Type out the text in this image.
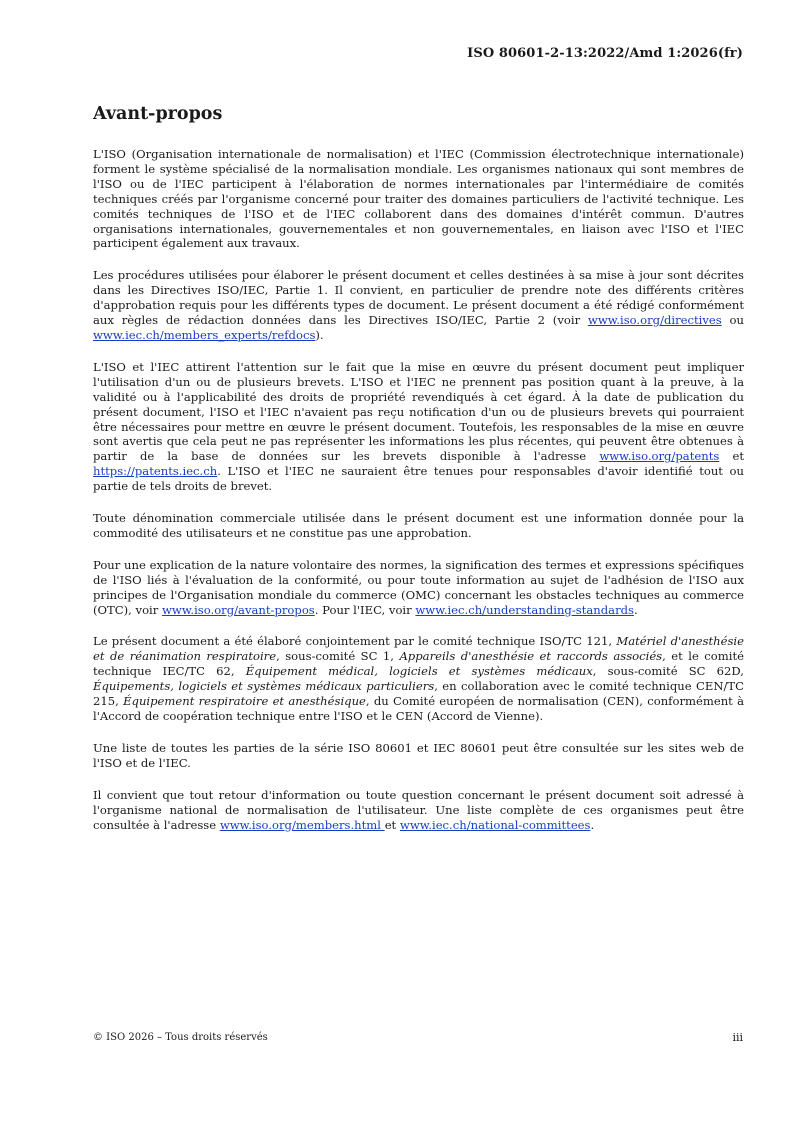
ISO 80601-2-13:2022/Amd 1:2026(fr)
Avant-propos

L'ISO (Organisation internationale de normalisation) et l'IEC (Commission électrotechnique internationale) forment le système spécialisé de la normalisation mondiale. Les organismes nationaux qui sont membres de l'ISO ou de l'IEC participent à l'élaboration de normes internationales par l'intermédiaire de comités techniques créés par l'organisme concerné pour traiter des domaines particuliers de l'activité technique. Les comités techniques de l'ISO et de l'IEC collaborent dans des domaines d'intérêt commun. D'autres organisations internationales, gouvernementales et non gouvernementales, en liaison avec l'ISO et l'IEC participent également aux travaux.

Les procédures utilisées pour élaborer le présent document et celles destinées à sa mise à jour sont décrites dans les Directives ISO/IEC, Partie 1. Il convient, en particulier de prendre note des différents critères d'approbation requis pour les différents types de document. Le présent document a été rédigé conformément aux règles de rédaction données dans les Directives ISO/IEC, Partie 2 (voir www.iso.org/directives ou www.iec.ch/members_experts/refdocs).

L'ISO et l'IEC attirent l'attention sur le fait que la mise en œuvre du présent document peut impliquer l'utilisation d'un ou de plusieurs brevets. L'ISO et l'IEC ne prennent pas position quant à la preuve, à la validité ou à l'applicabilité des droits de propriété revendiqués à cet égard. À la date de publication du présent document, l'ISO et l'IEC n'avaient pas reçu notification d'un ou de plusieurs brevets qui pourraient être nécessaires pour mettre en œuvre le présent document. Toutefois, les responsables de la mise en œuvre sont avertis que cela peut ne pas représenter les informations les plus récentes, qui peuvent être obtenues à partir de la base de données sur les brevets disponible à l'adresse www.iso.org/patents et https://patents.iec.ch. L'ISO et l'IEC ne sauraient être tenues pour responsables d'avoir identifié tout ou partie de tels droits de brevet.

Toute dénomination commerciale utilisée dans le présent document est une information donnée pour la commodité des utilisateurs et ne constitue pas une approbation.

Pour une explication de la nature volontaire des normes, la signification des termes et expressions spécifiques de l'ISO liés à l'évaluation de la conformité, ou pour toute information au sujet de l'adhésion de l'ISO aux principes de l'Organisation mondiale du commerce (OMC) concernant les obstacles techniques au commerce (OTC), voir www.iso.org/avant-propos. Pour l'IEC, voir www.iec.ch/understanding-standards.

Le présent document a été élaboré conjointement par le comité technique ISO/TC 121, Matériel d'anesthésie et de réanimation respiratoire, sous-comité SC 1, Appareils d'anesthésie et raccords associés, et le comité technique IEC/TC 62, Équipement médical, logiciels et systèmes médicaux, sous-comité SC 62D, Équipements, logiciels et systèmes médicaux particuliers, en collaboration avec le comité technique CEN/TC 215, Équipement respiratoire et anesthésique, du Comité européen de normalisation (CEN), conformément à l'Accord de coopération technique entre l'ISO et le CEN (Accord de Vienne).

Une liste de toutes les parties de la série ISO 80601 et IEC 80601 peut être consultée sur les sites web de l'ISO et de l'IEC.

Il convient que tout retour d'information ou toute question concernant le présent document soit adressé à l'organisme national de normalisation de l'utilisateur. Une liste complète de ces organismes peut être consultée à l'adresse www.iso.org/members.html et www.iec.ch/national-committees.

© ISO 2026 – Tous droits réservés	iii
